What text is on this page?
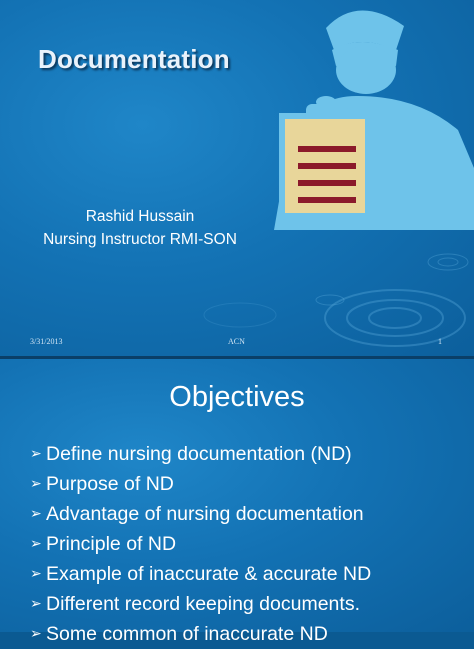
Documentation
Rashid Hussain
Nursing Instructor RMI-SON
3/31/2013	ACN	1
Objectives
➢ Define nursing documentation (ND)
➢ Purpose of ND
➢ Advantage of nursing documentation
➢ Principle of ND
➢ Example of inaccurate & accurate ND
➢ Different record keeping documents.
➢ Some common of inaccurate ND
